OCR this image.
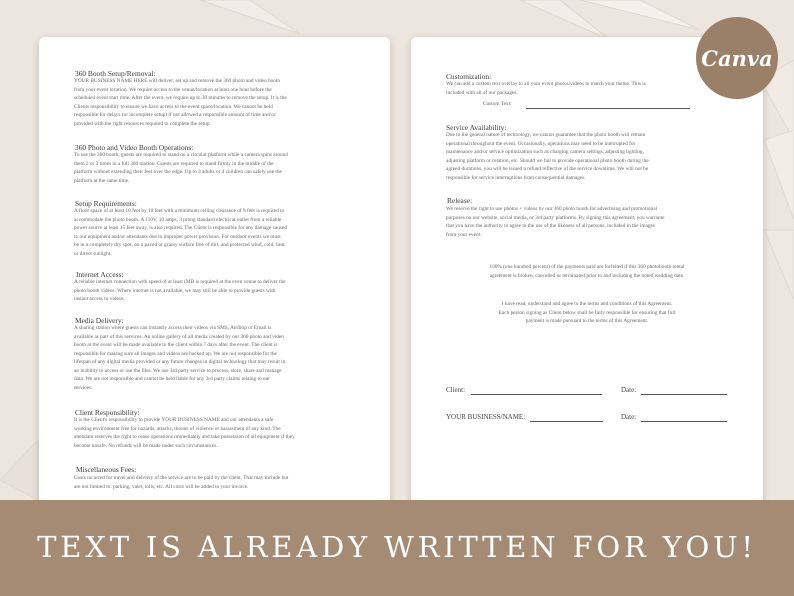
360 Booth Setup/Removal:
YOUR BUSINESS NAME HERE will deliver, set up and remove the 360 photo and video booth
from your event location. We require access to the venue/location at least one hour before the
scheduled event start time. After the event, we require up to 30 minutes to remove the setup. It is the
Clients responsibility to ensure we have access to the event space/location. We cannot be held
responsible for delays (or incomplete setup) if not allowed a responsible amount of time and/or
provided with the right resources required to complete the setup.
360 Photo and Video Booth Operations:
To use the 360 booth, guests are required to stand on a circular platform while a camera spins around
them 2 or 3 times in a full 360 motion. Guests are required to stand firmly in the middle of the
platform without extending their feet over the edge. Up to 3 adults or 4 children can safely use the
platform at the same time.
Setup Requirements:
A floor space of at least 10 feet by 10 feet with a minimum ceiling clearance of 8 feet is required to
accommodate the photo booth. A 110V, 10 amps, 3 prong standard electrical outlet from a reliable
power source at least 15 feet away, is also required. The Client is responsible for any damage caused
to our equipment and/or attendants due to improper power provision. For outdoor events we must
be in a completely dry spot, on a paved or grassy surface free of dirt, and protected wind, cold, heat
or direct sunlight.
Internet Access:
A reliable internet connection with speed of at least (MB is required at the even venue to deliver the
photo booth videos. Where internet is not available, we may still be able to provide guests with
instant access to videos.
Media Delivery:
A sharing station where guests can instantly access their videos via SMS, Airdrop or Email is
available as part of this services. An online gallery of all media created by our 360 photo and video
booth at the event will be made available to the client within 7 days after the event. The client is
responsible for making sure all images and videos are backed up. We are not responsible for the
lifespan of any digital media provided or any future changes in digital technology that may result in
an inability to access or use the files. We use 3rd party service to process, store, share and manage
data. We are not responsible and cannot be held liable for any 3rd party claims relaing to our
services.
Client Responsibility:
It is the Client's responsibility to provide YOUR BUSINESS NAME and our attendants a safe
working environment free for hazards, attacks, threats of violence or harassment of any kind. The
attendant reserves the right to cease operations immediately and take possession of all equipment if they
become unsafe. No refunds will be made under such circumstances.
Miscellaneous Fees:
Costs incurred for travel and delivery of the service are to be paid by the client. That may include but
are not limited to: parking, valet, tolls, etc. All costs will be added to your invoice.
Customization:
We can add a custom text overlay to all your event photos/videos to match your theme. This is
included with all of our packages.
Custom Text:
Service Availability:
Due to the general nature of technology, we cannot guarantee that the photo booth will remain
operational throughout the event. Occasionally, operations may need to be interrupted for
maintenance and/or service optimization such as charging camera settings, adjusting lighting,
adjusting platform or rotation, etc. Should we fail to provide operational photo booth during the
agreed durations, you will be issued a refund reflective of the service downtime. We will not be
responsible for service interruptions from consequential damages.
Release:
We reserve the right to use photos + videos by our 360 photo booth for advertising and promotional
purposes on our website, social media, or 3rd party platforms. By signing this agreement, you warrante
that you have the authority to agree to the use of the likeness of all persons, included in the images
from your event.
100% (one hundred percent) of the payments paid are forfeited if this 360 photobooth rental
agreement is broken, cancelled or terminated prior to and including the noted wedding date.
I have read, understand and agree to the terms and conditions of this Agreement.
Each person signing as Client below shall be fully responsible for ensuring that full
payment is made pursuant to the terms of this Agreement.
Client:	Date:
YOUR BUSINESS/NAME:	Date:
Canva
TEXT IS ALREADY WRITTEN FOR YOU!
